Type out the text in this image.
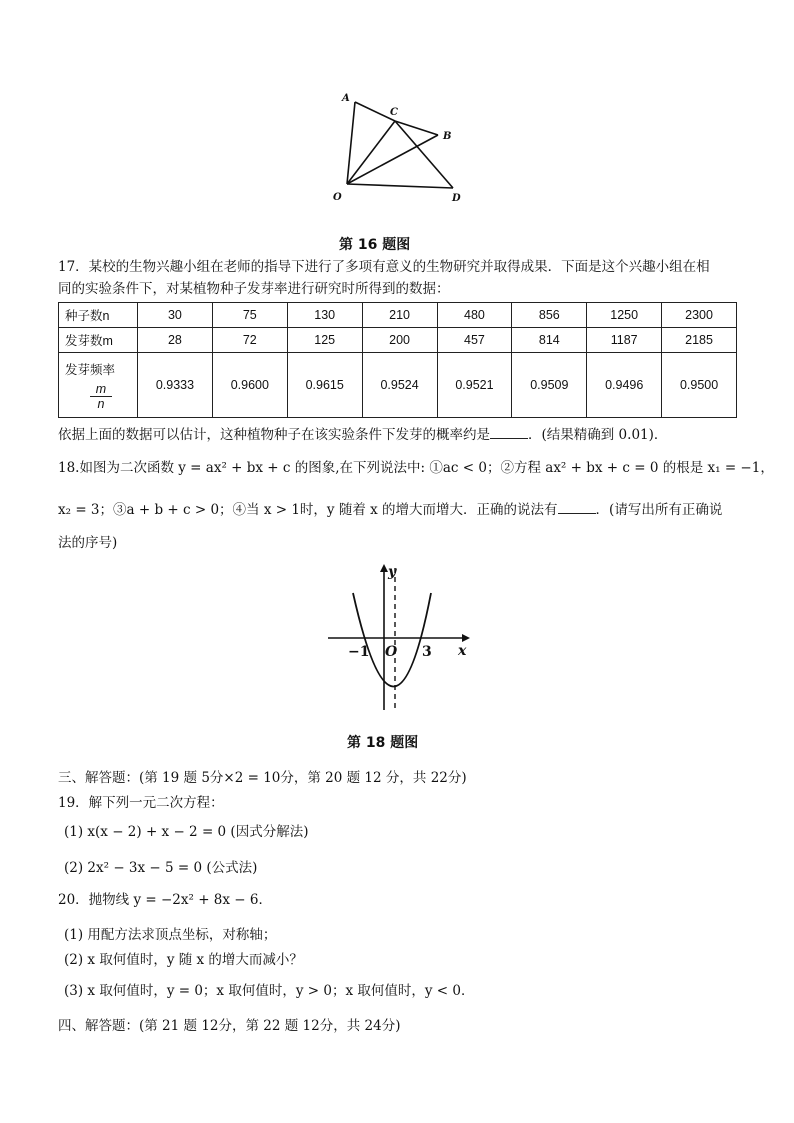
A
C
B
O	D
第 16 题图
17．某校的生物兴趣小组在老师的指导下进行了多项有意义的生物研究并取得成果．下面是这个兴趣小组在相
同的实验条件下，对某植物种子发芽率进行研究时所得到的数据：
种子数n	30	75	130	210	480	856	1250	2300
发芽数m	28	72	125	200	457	814	1187	2185

发芽频率
$\frac{m}{n}$	0.9333	0.9600	0.9615	0.9524	0.9521	0.9509	0.9496	0.9500
依据上面的数据可以估计，这种植物种子在该实验条件下发芽的概率约是	．(结果精确到 0.01)．
18.如图为二次函数 y = ax² + bx + c 的图象,在下列说法中: ①ac < 0；②方程 ax² + bx + c = 0 的根是 x₁ = −1，
x₂ = 3；③a + b + c > 0；④当 x > 1时，y 随着 x 的增大而增大．正确的说法有	．(请写出所有正确说
法的序号)
y
x
−1 O 3
第 18 题图
三、解答题：(第 19 题 5分×2 = 10分，第 20 题 12 分，共 22分)
19．解下列一元二次方程：
(1) x(x − 2) + x − 2 = 0 (因式分解法)
(2) 2x² − 3x − 5 = 0 (公式法)
20．抛物线 y = −2x² + 8x − 6．
(1) 用配方法求顶点坐标，对称轴；
(2) x 取何值时，y 随 x 的增大而减小？
(3) x 取何值时，y = 0；x 取何值时，y > 0；x 取何值时，y < 0．
四、解答题：(第 21 题 12分，第 22 题 12分，共 24分)
